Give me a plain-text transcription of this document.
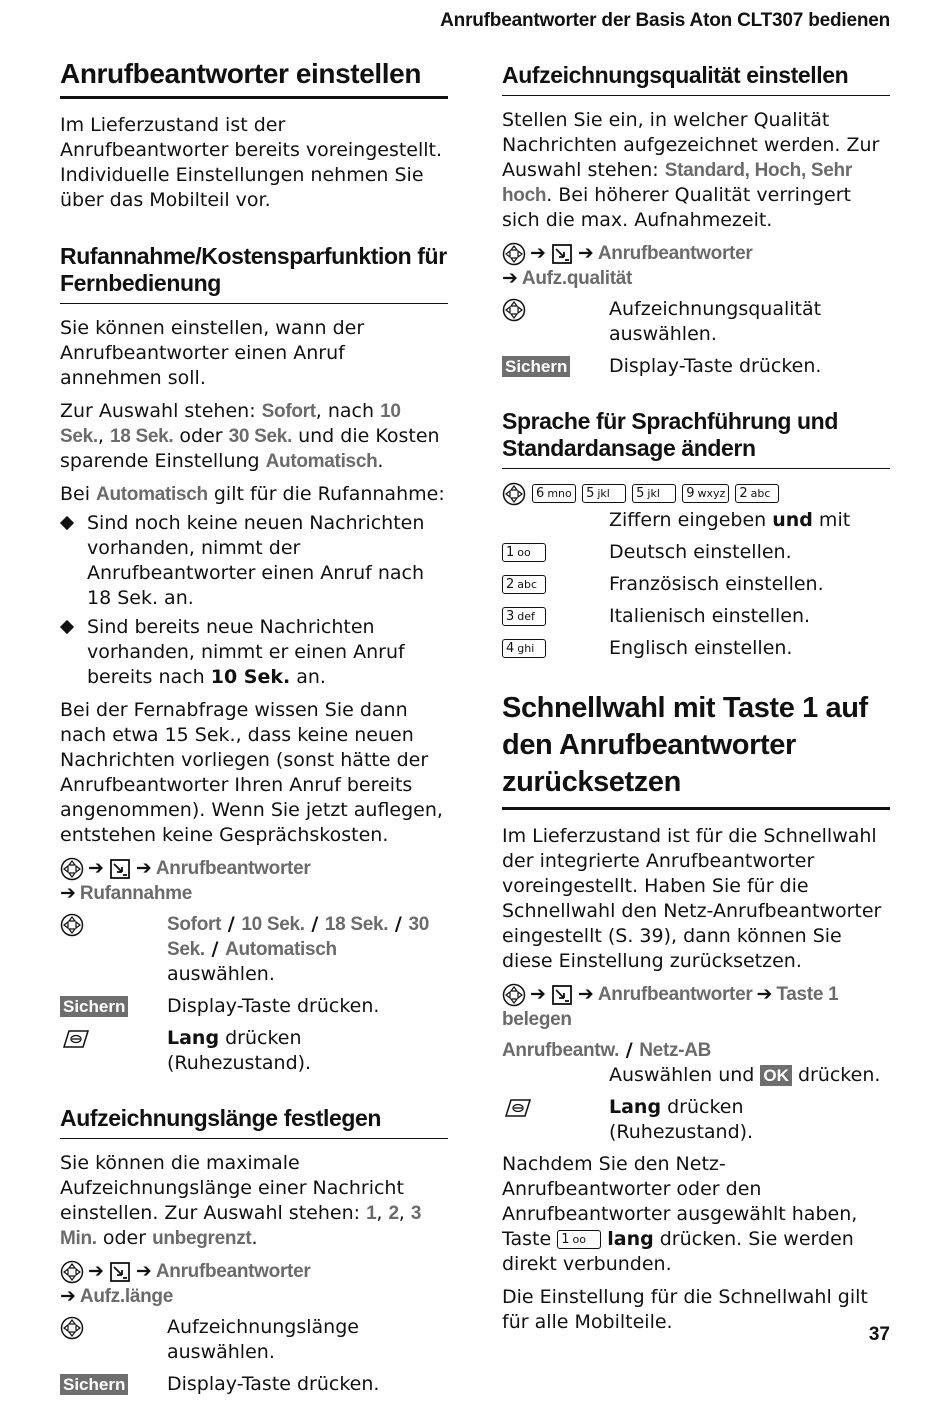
Anrufbeantworter der Basis Aton CLT307 bedienen
Anrufbeantworter einstellen

Im Lieferzustand ist der Anrufbeantworter bereits voreingestellt. Individuelle Einstellungen nehmen Sie über das Mobilteil vor.

Rufannahme/Kostensparfunktion für Fernbedienung

Sie können einstellen, wann der Anrufbeantworter einen Anruf annehmen soll.

Zur Auswahl stehen: Sofort, nach 10 Sek., 18 Sek. oder 30 Sek. und die Kosten sparende Einstellung Automatisch.

Bei Automatisch gilt für die Rufannahme:

Sind noch keine neuen Nachrichten vorhanden, nimmt der Anrufbeantworter einen Anruf nach 18 Sek. an.
Sind bereits neue Nachrichten vorhanden, nimmt er einen Anruf bereits nach 10 Sek. an.

Bei der Fernabfrage wissen Sie dann nach etwa 15 Sek., dass keine neuen Nachrichten vorliegen (sonst hätte der Anrufbeantworter Ihren Anruf bereits angenommen). Wenn Sie jetzt auflegen, entstehen keine Gesprächskosten.

➔ ➔ Anrufbeantworter
➔ Rufannahme
Sofort / 10 Sek. / 18 Sek. / 30 Sek. / Automatisch auswählen.
Sichern	Display-Taste drücken.
Lang drücken (Ruhezustand).
Aufzeichnungslänge festlegen

Sie können die maximale Aufzeichnungslänge einer Nachricht einstellen. Zur Auswahl stehen: 1, 2, 3 Min. oder unbegrenzt.

➔ ➔ Anrufbeantworter
➔ Aufz.länge
Aufzeichnungslänge auswählen.
Sichern	Display-Taste drücken.
Aufzeichnungsqualität einstellen

Stellen Sie ein, in welcher Qualität Nachrichten aufgezeichnet werden. Zur Auswahl stehen: Standard, Hoch, Sehr hoch. Bei höherer Qualität verringert sich die max. Aufnahmezeit.

➔ ➔ Anrufbeantworter
➔ Aufz.qualität
Aufzeichnungsqualität auswählen.
Sichern	Display-Taste drücken.
Sprache für Sprachführung und Standardansage ändern
6 mno 5 jkl 5 jkl 9 wxyz 2 abc
Ziffern eingeben und mit
1 oo	Deutsch einstellen.
2 abc	Französisch einstellen.
3 def	Italienisch einstellen.
4 ghi	Englisch einstellen.
Schnellwahl mit Taste 1 auf den Anrufbeantworter zurücksetzen

Im Lieferzustand ist für die Schnellwahl der integrierte Anrufbeantworter voreingestellt. Haben Sie für die Schnellwahl den Netz-Anrufbeantworter eingestellt (S. 39), dann können Sie diese Einstellung zurücksetzen.

➔ ➔ Anrufbeantworter ➔ Taste 1 belegen
Anrufbeantw. / Netz-AB
Auswählen und OK drücken.
Lang drücken (Ruhezustand).

Nachdem Sie den Netz-Anrufbeantworter oder den Anrufbeantworter ausgewählt haben, Taste 1 oo lang drücken. Sie werden direkt verbunden.

Die Einstellung für die Schnellwahl gilt für alle Mobilteile.

37
